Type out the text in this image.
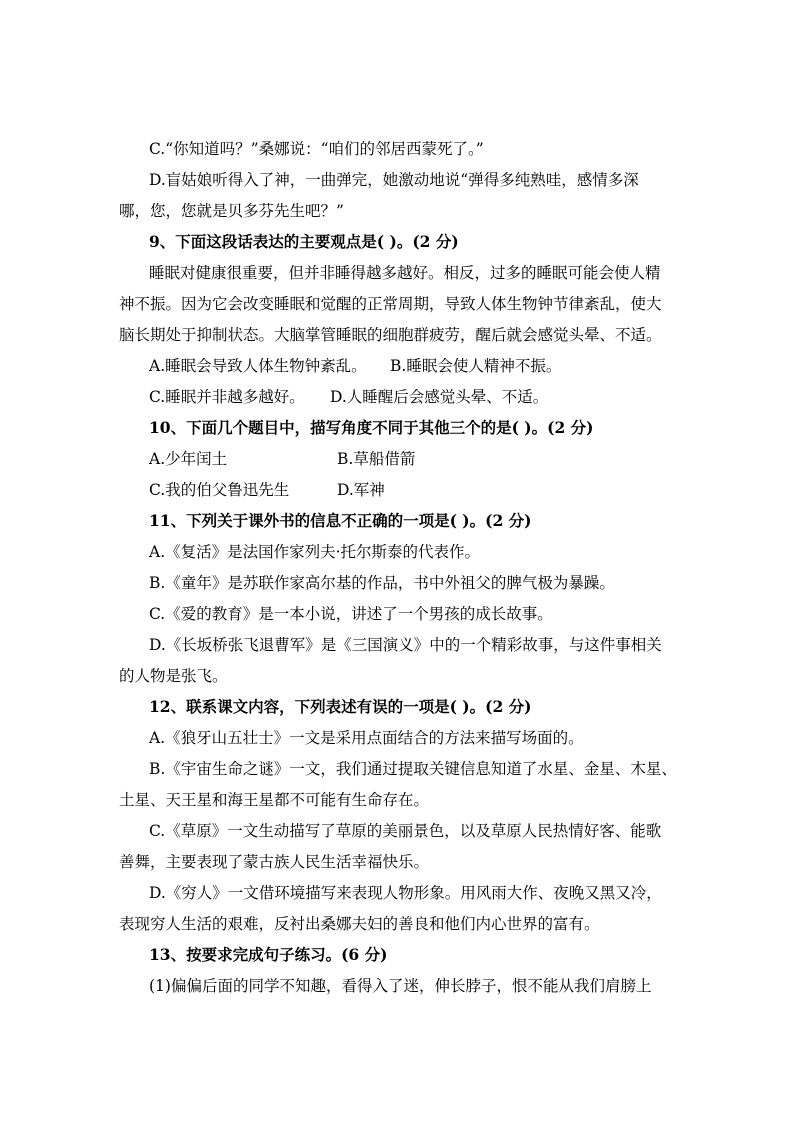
C.“你知道吗？”桑娜说：“咱们的邻居西蒙死了。”
D.盲姑娘听得入了神，一曲弹完，她激动地说“弹得多纯熟哇，感情多深
哪，您，您就是贝多芬先生吧？”
9、下面这段话表达的主要观点是( )。(2 分)
睡眠对健康很重要，但并非睡得越多越好。相反，过多的睡眠可能会使人精
神不振。因为它会改变睡眠和觉醒的正常周期，导致人体生物钟节律紊乱，使大
脑长期处于抑制状态。大脑掌管睡眠的细胞群疲劳，醒后就会感觉头晕、不适。
A.睡眠会导致人体生物钟紊乱。 B.睡眠会使人精神不振。
C.睡眠并非越多越好。 D.人睡醒后会感觉头晕、不适。
10、下面几个题目中，描写角度不同于其他三个的是( )。(2 分)
A.少年闰土	B.草船借箭
C.我的伯父鲁迅先生	D.军神
11、下列关于课外书的信息不正确的一项是( )。(2 分)
A.《复活》是法国作家列夫·托尔斯泰的代表作。
B.《童年》是苏联作家高尔基的作品，书中外祖父的脾气极为暴躁。
C.《爱的教育》是一本小说，讲述了一个男孩的成长故事。
D.《长坂桥张飞退曹军》是《三国演义》中的一个精彩故事，与这件事相关
的人物是张飞。
12、联系课文内容，下列表述有误的一项是( )。(2 分)
A.《狼牙山五壮士》一文是采用点面结合的方法来描写场面的。
B.《宇宙生命之谜》一文，我们通过提取关键信息知道了水星、金星、木星、
土星、天王星和海王星都不可能有生命存在。
C.《草原》一文生动描写了草原的美丽景色，以及草原人民热情好客、能歌
善舞，主要表现了蒙古族人民生活幸福快乐。
D.《穷人》一文借环境描写来表现人物形象。用风雨大作、夜晚又黑又冷，
表现穷人生活的艰难，反衬出桑娜夫妇的善良和他们内心世界的富有。
13、按要求完成句子练习。(6 分)
(1)偏偏后面的同学不知趣，看得入了迷，伸长脖子，恨不能从我们肩膀上
